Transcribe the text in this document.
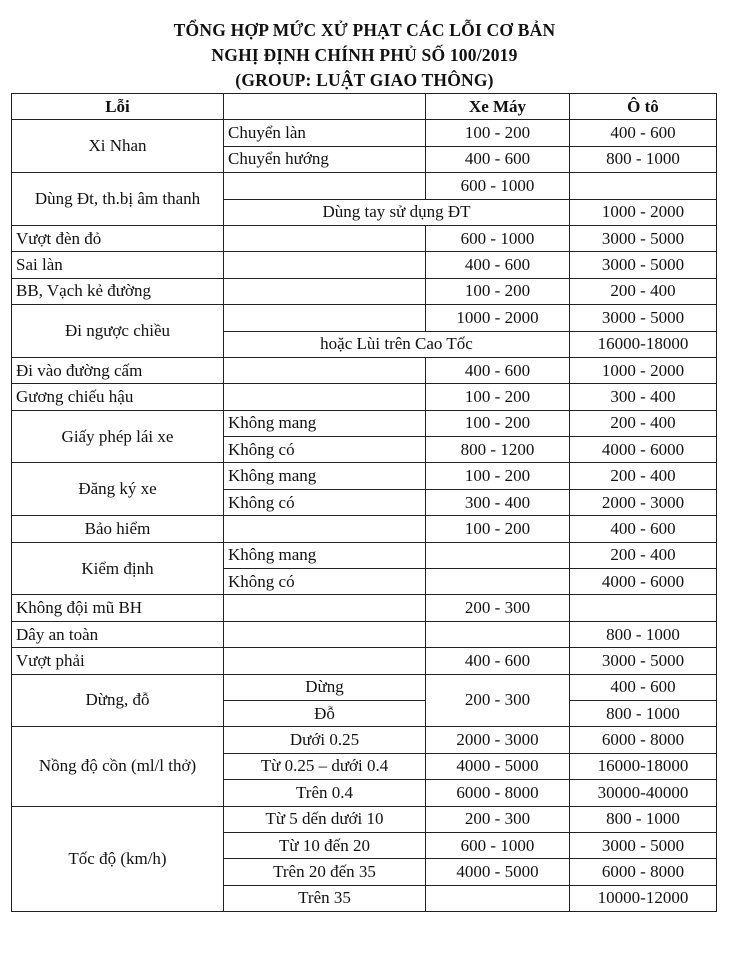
TỔNG HỢP MỨC XỬ PHẠT CÁC LỖI CƠ BẢN
NGHỊ ĐỊNH CHÍNH PHỦ SỐ 100/2019
(GROUP: LUẬT GIAO THÔNG)
Lỗi		Xe Máy	Ô tô
Xi Nhan	Chuyển làn	100 - 200	400 - 600
	Chuyển hướng	400 - 600	800 - 1000
Dùng Đt, th.bị âm thanh		600 - 1000	
	Dùng tay sử dụng ĐT		1000 - 2000
Vượt đèn đỏ		600 - 1000	3000 - 5000
Sai làn		400 - 600	3000 - 5000
BB, Vạch kẻ đường		100 - 200	200 - 400
Đi ngược chiều		1000 - 2000	3000 - 5000
	hoặc Lùi trên Cao Tốc		16000-18000
Đi vào đường cấm		400 - 600	1000 - 2000
Gương chiếu hậu		100 - 200	300 - 400
Giấy phép lái xe	Không mang	100 - 200	200 - 400
	Không có	800 - 1200	4000 - 6000
Đăng ký xe	Không mang	100 - 200	200 - 400
	Không có	300 - 400	2000 - 3000
Bảo hiểm		100 - 200	400 - 600
Kiểm định	Không mang		200 - 400
	Không có		4000 - 6000
Không đội mũ BH		200 - 300	
Dây an toàn			800 - 1000
Vượt phải		400 - 600	3000 - 5000
Dừng, đỗ	Dừng	200 - 300	400 - 600
	Đỗ		800 - 1000
Nồng độ cồn (ml/l thở)	Dưới 0.25	2000 - 3000	6000 - 8000
	Từ 0.25 – dưới 0.4	4000 - 5000	16000-18000
	Trên 0.4	6000 - 8000	30000-40000
Tốc độ (km/h)	Từ 5 dến dưới 10	200 - 300	800 - 1000
	Từ 10 đến 20	600 - 1000	3000 - 5000
	Trên 20 đến 35	4000 - 5000	6000 - 8000
	Trên 35		10000-12000
